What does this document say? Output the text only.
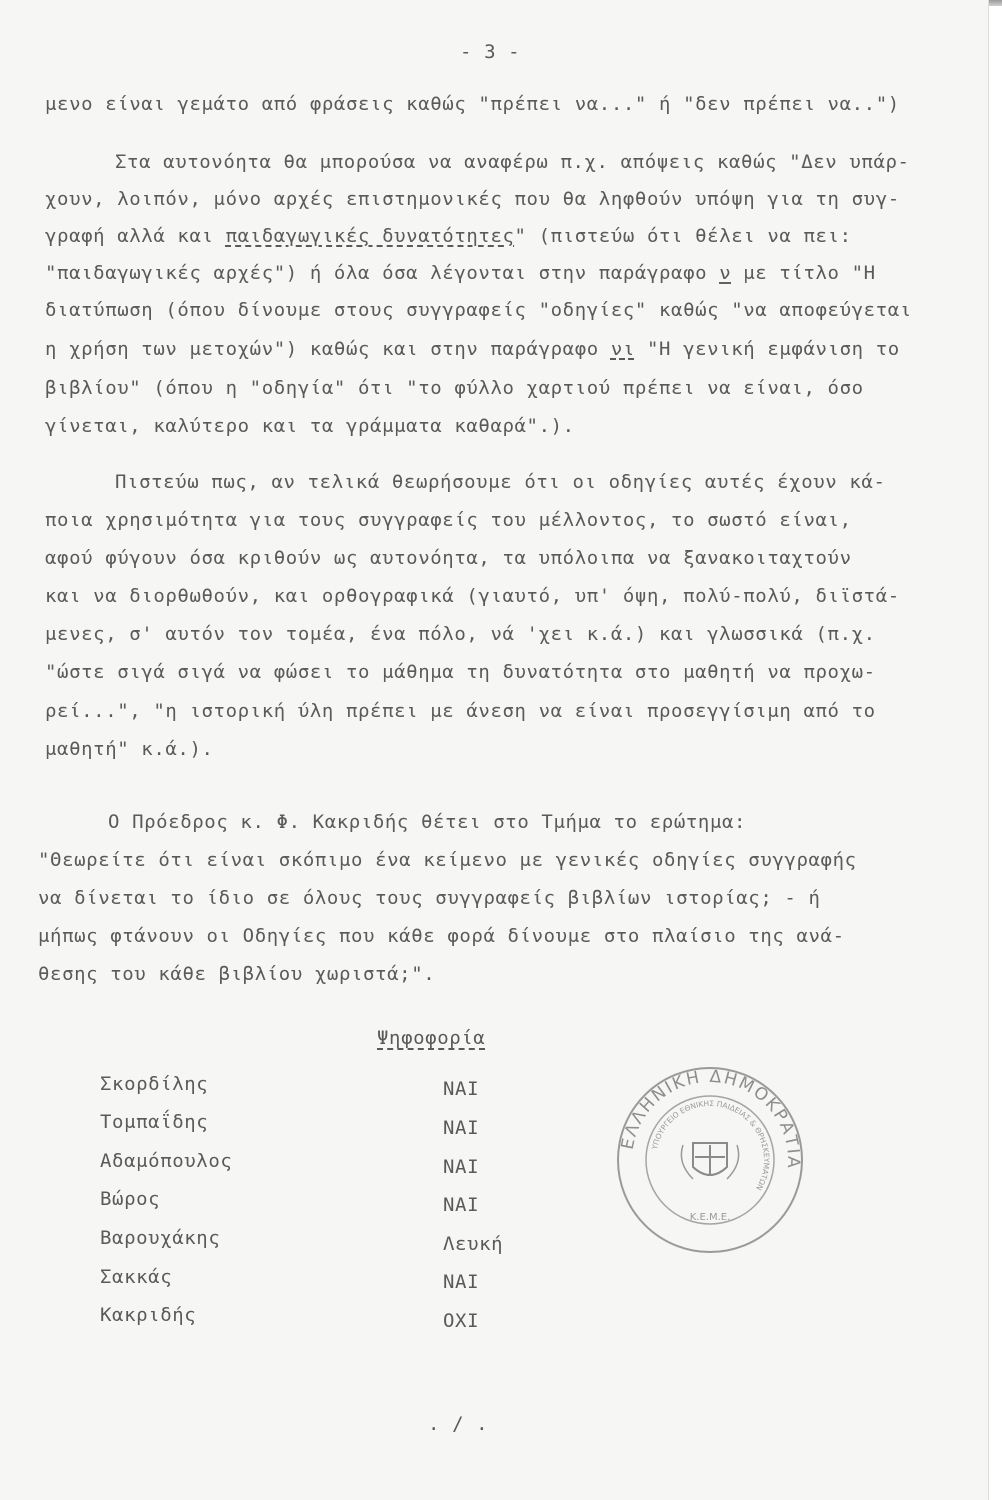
- 3 -
μενο είναι γεμάτο από φράσεις καθώς "πρέπει να..." ή "δεν πρέπει να..")
Στα αυτονόητα θα μπορούσα να αναφέρω π.χ. απόψεις καθώς "Δεν υπάρ-
χουν, λοιπόν, μόνο αρχές επιστημονικές που θα ληφθούν υπόψη για τη συγ-
γραφή αλλά και παιδαγωγικές δυνατότητες" (πιστεύω ότι θέλει να πει:
"παιδαγωγικές αρχές") ή όλα όσα λέγονται στην παράγραφο ν με τίτλο "Η
διατύπωση (όπου δίνουμε στους συγγραφείς "οδηγίες" καθώς "να αποφεύγεται
η χρήση των μετοχών") καθώς και στην παράγραφο νι "Η γενική εμφάνιση το
βιβλίου" (όπου η "οδηγία" ότι "το φύλλο χαρτιού πρέπει να είναι, όσο
γίνεται, καλύτερο και τα γράμματα καθαρά".).
Πιστεύω πως, αν τελικά θεωρήσουμε ότι οι οδηγίες αυτές έχουν κά-
ποια χρησιμότητα για τους συγγραφείς του μέλλοντος, το σωστό είναι,
αφού φύγουν όσα κριθούν ως αυτονόητα, τα υπόλοιπα να ξανακοιταχτούν
και να διορθωθούν, και ορθογραφικά (γιαυτό, υπ' όψη, πολύ-πολύ, διϊστά-
μενες, σ' αυτόν τον τομέα, ένα πόλο, νά 'χει κ.ά.) και γλωσσικά (π.χ.
"ώστε σιγά σιγά να φώσει το μάθημα τη δυνατότητα στο μαθητή να προχω-
ρεί...", "η ιστορική ύλη πρέπει με άνεση να είναι προσεγγίσιμη από το
μαθητή" κ.ά.).
Ο Πρόεδρος κ. Φ. Κακριδής θέτει στο Τμήμα το ερώτημα:
"Θεωρείτε ότι είναι σκόπιμο ένα κείμενο με γενικές οδηγίες συγγραφής
να δίνεται το ίδιο σε όλους τους συγγραφείς βιβλίων ιστορίας; - ή
μήπως φτάνουν οι Οδηγίες που κάθε φορά δίνουμε στο πλαίσιο της ανά-
θεσης του κάθε βιβλίου χωριστά;".
Ψηφοφορία
Σκορδίλης	ΝΑΙ
Τομπαΐδης	ΝΑΙ
Αδαμόπουλος	ΝΑΙ
Βώρος	ΝΑΙ
Βαρουχάκης	Λευκή
Σακκάς	ΝΑΙ
Κακριδής	ΟΧΙ
ΕΛΛΗΝΙΚΗ ΔΗΜΟΚΡΑΤΙΑ
ΥΠΟΥΡΓΕΙΟ ΕΘΝΙΚΗΣ ΠΑΙΔΕΙΑΣ & ΘΡΗΣΚΕΥΜΑΤΩΝ
Κ.Ε.Μ.Ε.
. / .
